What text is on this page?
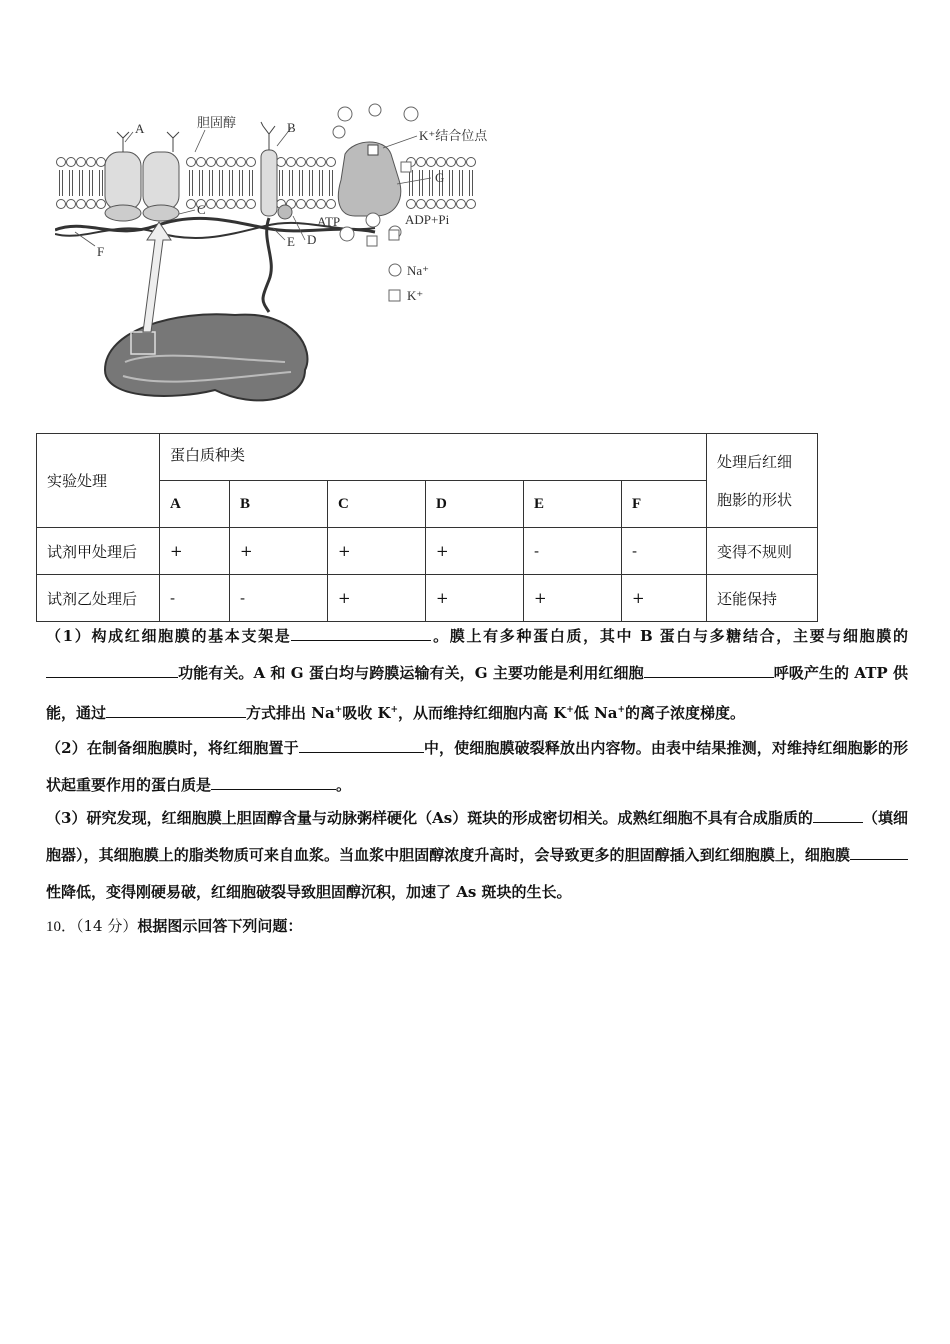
A	胆固醇	B
K⁺结合位点
G
C
ATP	ADP+Pi
E D
F
Na⁺
K⁺
实验处理	蛋白质种类						处理后红细
胞影的形状
	A	B	C	D	E	F	
试剂甲处理后	+	+	+	+	-	-	变得不规则
试剂乙处理后	-	-	+	+	+	+	还能保持
（1）构成红细胞膜的基本支架是	。膜上有多种蛋白质，其中 B 蛋白与多糖结合，主要与细胞膜的功能有关。A 和 G 蛋白均与跨膜运输有关，G 主要功能是利用红细胞	呼吸产生的 ATP 供能，通过	方式排出 Na+吸收 K+，从而维持红细胞内高 K+低 Na+的离子浓度梯度。
（2）在制备细胞膜时，将红细胞置于	中，使细胞膜破裂释放出内容物。由表中结果推测，对维持红细胞影的形状起重要作用的蛋白质是	。
（3）研究发现，红细胞膜上胆固醇含量与动脉粥样硬化（As）斑块的形成密切相关。成熟红细胞不具有合成脂质的	（填细胞器），其细胞膜上的脂类物质可来自血浆。当血浆中胆固醇浓度升高时，会导致更多的胆固醇插入到红细胞膜上，细胞膜性降低，变得刚硬易破，红细胞破裂导致胆固醇沉积，加速了 As 斑块的生长。
10．（14 分）根据图示回答下列问题：
